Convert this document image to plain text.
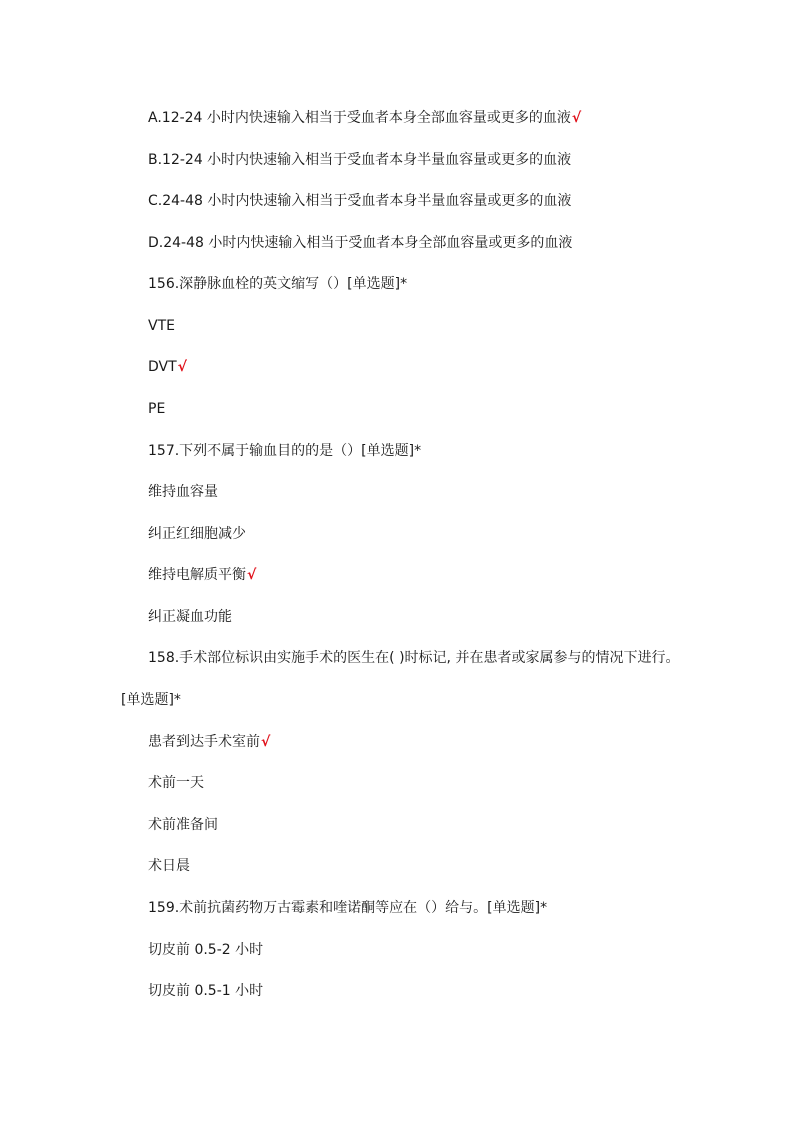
A.12-24 小时内快速输入相当于受血者本身全部血容量或更多的血液√
B.12-24 小时内快速输入相当于受血者本身半量血容量或更多的血液
C.24-48 小时内快速输入相当于受血者本身半量血容量或更多的血液
D.24-48 小时内快速输入相当于受血者本身全部血容量或更多的血液
156.深静脉血栓的英文缩写（）[单选题]*
VTE
DVT√
PE
157.下列不属于输血目的的是（）[单选题]*
维持血容量
纠正红细胞减少
维持电解质平衡√
纠正凝血功能
158.手术部位标识由实施手术的医生在( )时标记, 并在患者或家属参与的情况下进行。
[单选题]*
患者到达手术室前√
术前一天
术前准备间
术日晨
159.术前抗菌药物万古霉素和喹诺酮等应在（）给与。[单选题]*
切皮前 0.5-2 小时
切皮前 0.5-1 小时
